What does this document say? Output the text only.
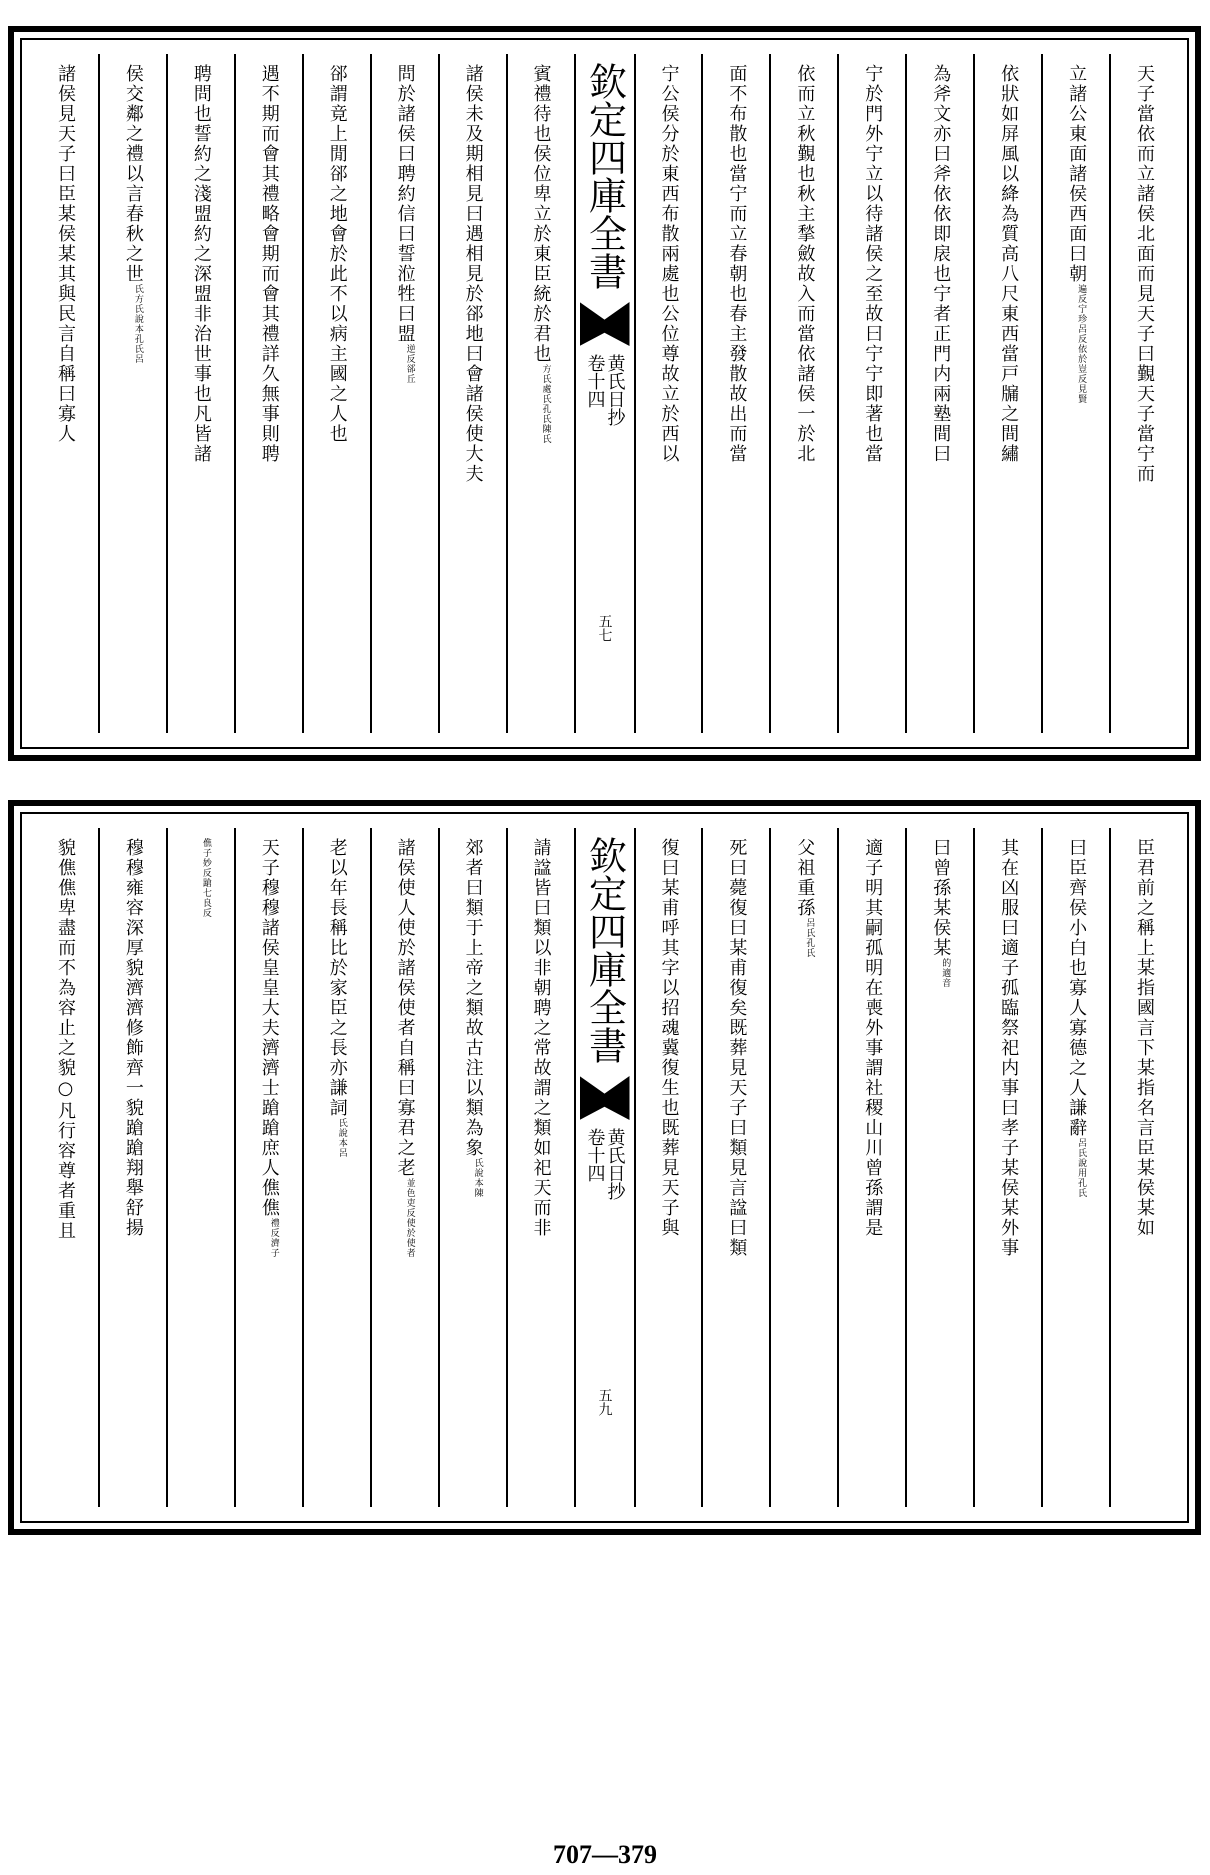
天子當依而立諸侯北面而見天子曰覲天子當宁而
立諸公東面諸侯西面曰朝
依於豈反見賢
遍反宁珍呂反
依狀如屏風以絳為質高八尺東西當戸牖之間繡
為斧文亦曰斧依依即扆也宁者正門内兩塾間曰
宁於門外宁立以待諸侯之至故曰宁宁即著也當
依而立秋覲也秋主揫斂故入而當依諸侯一於北
面不布散也當宁而立春朝也春主發散故出而當
宁公侯分於東西布散兩處也公位尊故立於西以
欽定四庫全書
黄氏日抄
卷十四
五七
賓禮待也侯位卑立於東臣統於君也
孔氏陳氏
方氏處氏
諸侯未及期相見曰遇相見於郤地曰會諸侯使大夫
問於諸侯曰聘約信曰誓涖牲曰盟
郤丘
逆反
郤謂竟上閒郤之地會於此不以病主國之人也
遇不期而會其禮略會期而會其禮詳久無事則聘
聘問也誓約之淺盟約之深盟非治世事也凡皆諸
侯交鄰之禮以言春秋之世
本孔氏呂
氏方氏說
諸侯見天子曰臣某侯某其與民言自稱曰寡人
臣君前之稱上某指國言下某指名言臣某侯某如
曰臣齊侯小白也寡人寡德之人謙辭
用孔氏
呂氏說
其在凶服曰適子孤臨祭祀内事曰孝子某侯某外事
曰曾孫某侯某
適音
的
適子明其嗣孤明在喪外事謂社稷山川曾孫謂是
父祖重孫
孔氏
呂氏
死曰薨復曰某甫復矣既葬見天子曰類見言諡曰類
復曰某甫呼其字以招魂冀復生也既葬見天子與
欽定四庫全書
黄氏日抄
卷十四
五九
請諡皆曰類以非朝聘之常故謂之類如祀天而非
郊者曰類于上帝之類故古注以類為象
本陳
氏說
諸侯使人使於諸侯使者自稱曰寡君之老
使於使者
並色吏反
老以年長稱比於家臣之長亦謙詞
本呂
氏說
天子穆穆諸侯皇皇大夫濟濟士蹌蹌庶人僬僬
濟子
禮反
蹌七良反
僬子妙反
穆穆雍容深厚貌濟濟修飾齊一貌蹌蹌翔舉舒揚
貌僬僬卑盡而不為容止之貌○凡行容尊者重且
707—379
